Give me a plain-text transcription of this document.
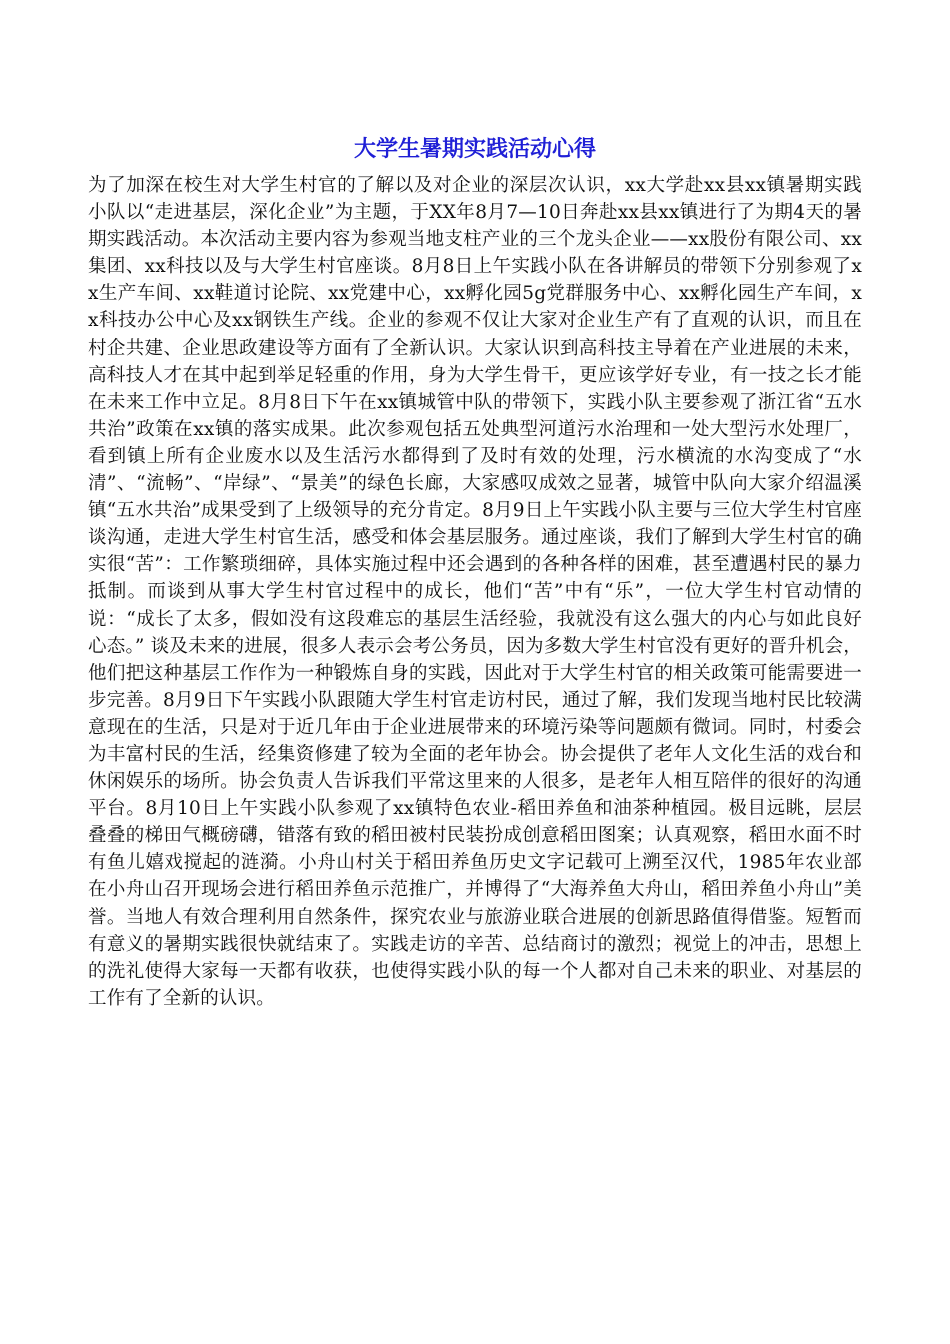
大学生暑期实践活动心得

为了加深在校生对大学生村官的了解以及对企业的深层次认识，xx大学赴xx县xx镇暑期实践小队以“走进基层，深化企业”为主题，于XX年8月7—10日奔赴xx县xx镇进行了为期4天的暑期实践活动。本次活动主要内容为参观当地支柱产业的三个龙头企业——xx股份有限公司、xx集团、xx科技以及与大学生村官座谈。8月8日上午实践小队在各讲解员的带领下分别参观了xx生产车间、xx鞋道讨论院、xx党建中心，xx孵化园5g党群服务中心、xx孵化园生产车间，xx科技办公中心及xx钢铁生产线。企业的参观不仅让大家对企业生产有了直观的认识，而且在村企共建、企业思政建设等方面有了全新认识。大家认识到高科技主导着在产业进展的未来，高科技人才在其中起到举足轻重的作用，身为大学生骨干，更应该学好专业，有一技之长才能在未来工作中立足。8月8日下午在xx镇城管中队的带领下，实践小队主要参观了浙江省“五水共治”政策在xx镇的落实成果。此次参观包括五处典型河道污水治理和一处大型污水处理厂，看到镇上所有企业废水以及生活污水都得到了及时有效的处理，污水横流的水沟变成了“水清”、“流畅”、“岸绿”、“景美”的绿色长廊，大家感叹成效之显著，城管中队向大家介绍温溪镇“五水共治”成果受到了上级领导的充分肯定。8月9日上午实践小队主要与三位大学生村官座谈沟通，走进大学生村官生活，感受和体会基层服务。通过座谈，我们了解到大学生村官的确实很“苦”：工作繁琐细碎，具体实施过程中还会遇到的各种各样的困难，甚至遭遇村民的暴力抵制。而谈到从事大学生村官过程中的成长，他们“苦”中有“乐”，一位大学生村官动情的说：“成长了太多，假如没有这段难忘的基层生活经验，我就没有这么强大的内心与如此良好心态。” 谈及未来的进展，很多人表示会考公务员，因为多数大学生村官没有更好的晋升机会，他们把这种基层工作作为一种锻炼自身的实践，因此对于大学生村官的相关政策可能需要进一步完善。8月9日下午实践小队跟随大学生村官走访村民，通过了解，我们发现当地村民比较满意现在的生活，只是对于近几年由于企业进展带来的环境污染等问题颇有微词。同时，村委会为丰富村民的生活，经集资修建了较为全面的老年协会。协会提供了老年人文化生活的戏台和休闲娱乐的场所。协会负责人告诉我们平常这里来的人很多，是老年人相互陪伴的很好的沟通平台。8月10日上午实践小队参观了xx镇特色农业-稻田养鱼和油茶种植园。极目远眺，层层叠叠的梯田气概磅礴，错落有致的稻田被村民装扮成创意稻田图案；认真观察，稻田水面不时有鱼儿嬉戏搅起的涟漪。小舟山村关于稻田养鱼历史文字记载可上溯至汉代，1985年农业部在小舟山召开现场会进行稻田养鱼示范推广，并博得了“大海养鱼大舟山，稻田养鱼小舟山”美誉。当地人有效合理利用自然条件，探究农业与旅游业联合进展的创新思路值得借鉴。短暂而有意义的暑期实践很快就结束了。实践走访的辛苦、总结商讨的激烈；视觉上的冲击，思想上的洗礼使得大家每一天都有收获，也使得实践小队的每一个人都对自己未来的职业、对基层的工作有了全新的认识。
